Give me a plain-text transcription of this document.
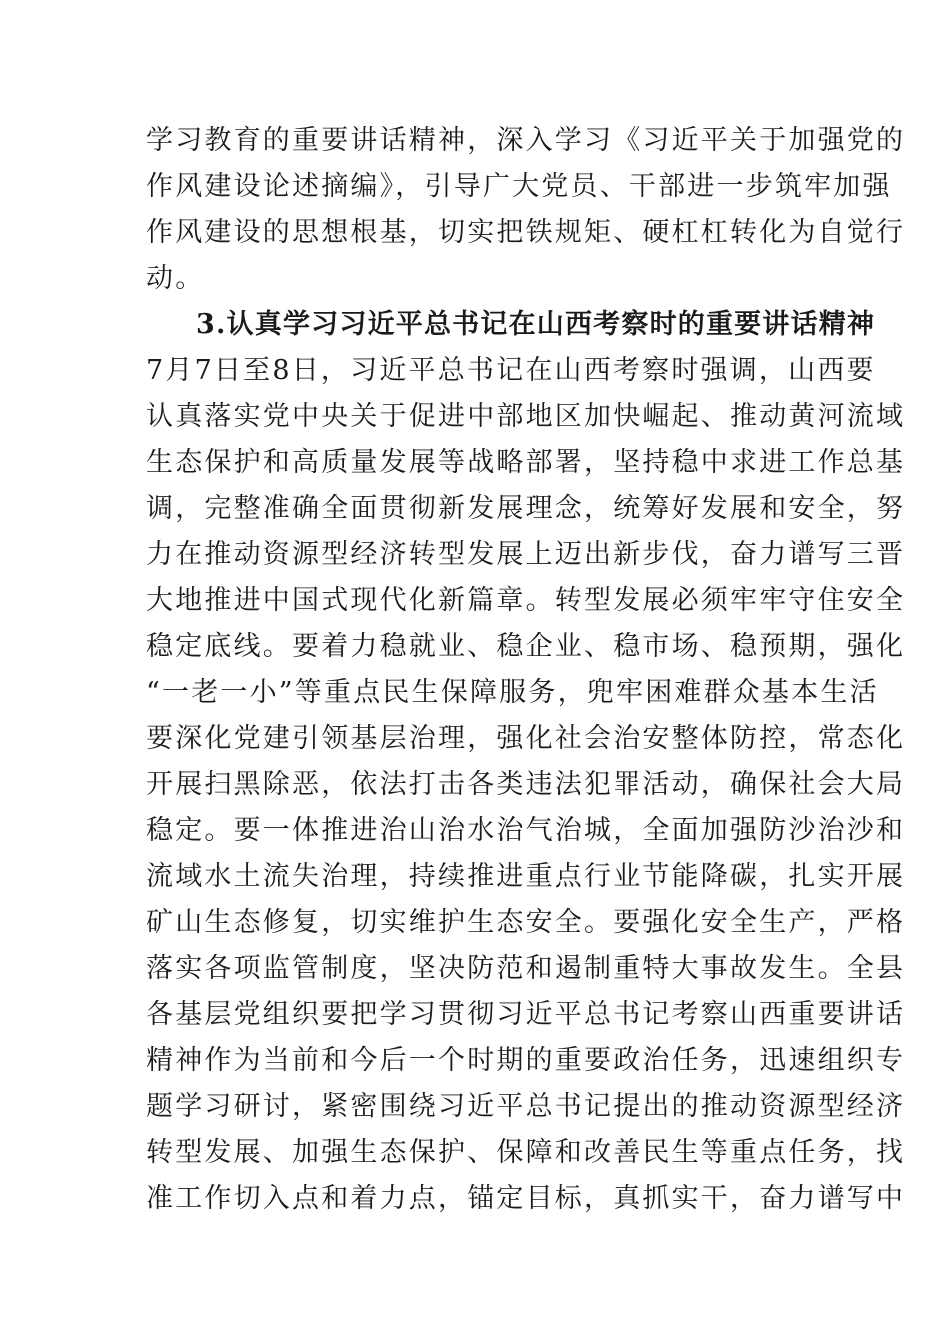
学习教育的重要讲话精神，深入学习《习近平关于加强党的
作风建设论述摘编》，引导广大党员、干部进一步筑牢加强
作风建设的思想根基，切实把铁规矩、硬杠杠转化为自觉行
动。
3.认真学习习近平总书记在山西考察时的重要讲话精神
7月7日至8日，习近平总书记在山西考察时强调，山西要
认真落实党中央关于促进中部地区加快崛起、推动黄河流域
生态保护和高质量发展等战略部署，坚持稳中求进工作总基
调，完整准确全面贯彻新发展理念，统筹好发展和安全，努
力在推动资源型经济转型发展上迈出新步伐，奋力谱写三晋
大地推进中国式现代化新篇章。转型发展必须牢牢守住安全
稳定底线。要着力稳就业、稳企业、稳市场、稳预期，强化
“一老一小”等重点民生保障服务，兜牢困难群众基本生活
要深化党建引领基层治理，强化社会治安整体防控，常态化
开展扫黑除恶，依法打击各类违法犯罪活动，确保社会大局
稳定。要一体推进治山治水治气治城，全面加强防沙治沙和
流域水土流失治理，持续推进重点行业节能降碳，扎实开展
矿山生态修复，切实维护生态安全。要强化安全生产，严格
落实各项监管制度，坚决防范和遏制重特大事故发生。全县
各基层党组织要把学习贯彻习近平总书记考察山西重要讲话
精神作为当前和今后一个时期的重要政治任务，迅速组织专
题学习研讨，紧密围绕习近平总书记提出的推动资源型经济
转型发展、加强生态保护、保障和改善民生等重点任务，找
准工作切入点和着力点，锚定目标，真抓实干，奋力谱写中
